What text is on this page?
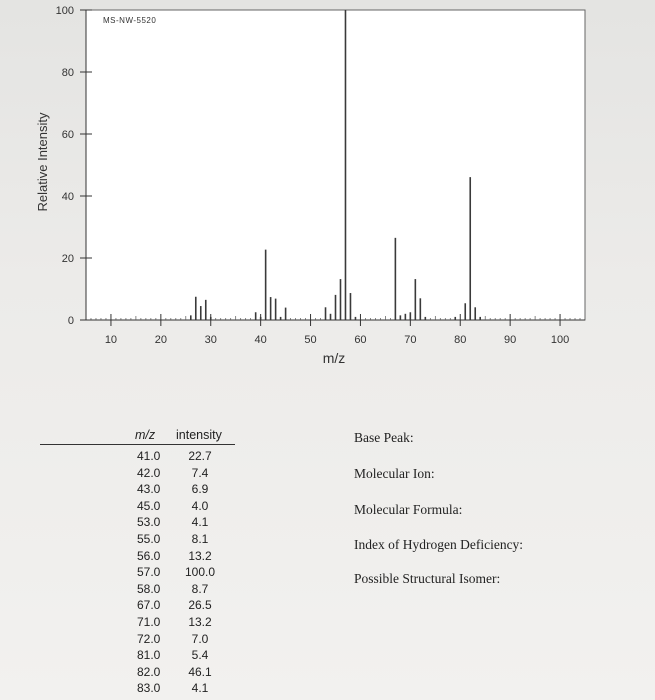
10	20	30	40	50	60	70	80	90	100
0
20
40
60
80
100
MS-NW-5520
Relative Intensity
m/z
m/z intensity
41.0	22.7
42.0	7.4
43.0	6.9
45.0	4.0
53.0	4.1
55.0	8.1
56.0	13.2
57.0	100.0
58.0	8.7
67.0	26.5
71.0	13.2
72.0	7.0
81.0	5.4
82.0	46.1
83.0	4.1
Base Peak:
Molecular Ion:
Molecular Formula:
Index of Hydrogen Deficiency:
Possible Structural Isomer:
